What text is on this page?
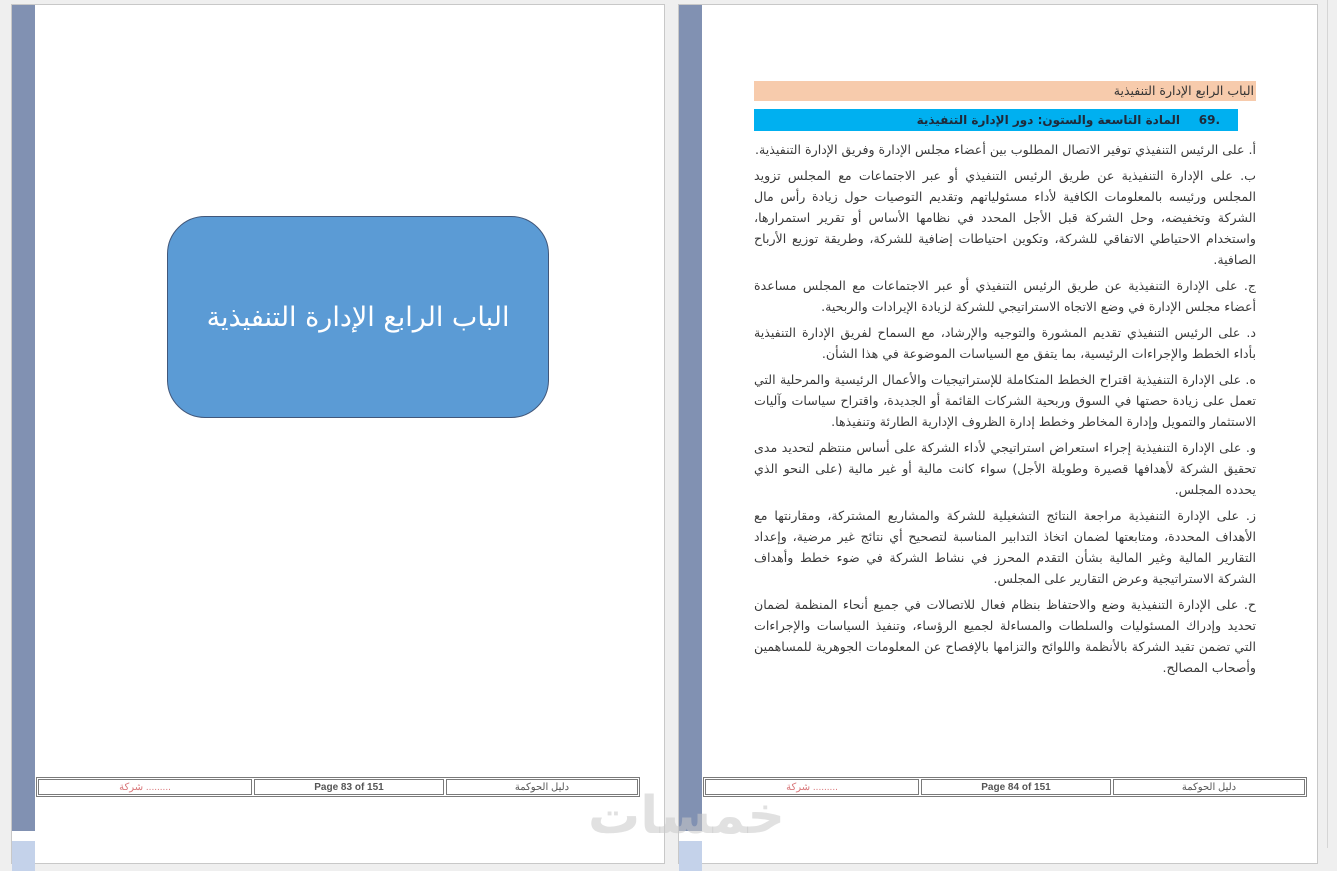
الباب الرابع الإدارة التنفيذية
شركة .........	Page 83 of 151	دليل الحوكمة
الباب الرابع الإدارة التنفيذية
.69
المادة التاسعة والستون: دور الإدارة التنفيذية

أ. على الرئيس التنفيذي توفير الاتصال المطلوب بين أعضاء مجلس الإدارة وفريق الإدارة التنفيذية.

ب. على الإدارة التنفيذية عن طريق الرئيس التنفيذي أو عبر الاجتماعات مع المجلس تزويد المجلس ورئيسه بالمعلومات الكافية لأداء مسئولياتهم وتقديم التوصيات حول زيادة رأس مال الشركة وتخفيضه، وحل الشركة قبل الأجل المحدد في نظامها الأساس أو تقرير استمرارها، واستخدام الاحتياطي الاتفاقي للشركة، وتكوين احتياطات إضافية للشركة، وطريقة توزيع الأرباح الصافية.

ج. على الإدارة التنفيذية عن طريق الرئيس التنفيذي أو عبر الاجتماعات مع المجلس مساعدة أعضاء مجلس الإدارة في وضع الاتجاه الاستراتيجي للشركة لزيادة الإيرادات والربحية.

د. على الرئيس التنفيذي تقديم المشورة والتوجيه والإرشاد، مع السماح لفريق الإدارة التنفيذية بأداء الخطط والإجراءات الرئيسية، بما يتفق مع السياسات الموضوعة في هذا الشأن.

ه. على الإدارة التنفيذية اقتراح الخطط المتكاملة للإستراتيجيات والأعمال الرئيسية والمرحلية التي تعمل على زيادة حصتها في السوق وربحية الشركات القائمة أو الجديدة، واقتراح سياسات وآليات الاستثمار والتمويل وإدارة المخاطر وخطط إدارة الظروف الإدارية الطارئة وتنفيذها.

و. على الإدارة التنفيذية إجراء استعراض استراتيجي لأداء الشركة على أساس منتظم لتحديد مدى تحقيق الشركة لأهدافها قصيرة وطويلة الأجل) سواء كانت مالية أو غير مالية (على النحو الذي يحدده المجلس.

ز. على الإدارة التنفيذية مراجعة النتائج التشغيلية للشركة والمشاريع المشتركة، ومقارنتها مع الأهداف المحددة، ومتابعتها لضمان اتخاذ التدابير المناسبة لتصحيح أي نتائج غير مرضية، وإعداد التقارير المالية وغير المالية بشأن التقدم المحرز في نشاط الشركة في ضوء خطط وأهداف الشركة الاستراتيجية وعرض التقارير على المجلس.

ح. على الإدارة التنفيذية وضع والاحتفاظ بنظام فعال للاتصالات في جميع أنحاء المنظمة لضمان تحديد وإدراك المسئوليات والسلطات والمساءلة لجميع الرؤساء، وتنفيذ السياسات والإجراءات التي تضمن تقيد الشركة بالأنظمة واللوائح والتزامها بالإفصاح عن المعلومات الجوهرية للمساهمين وأصحاب المصالح.

شركة .........	Page 84 of 151	دليل الحوكمة
خمسات
